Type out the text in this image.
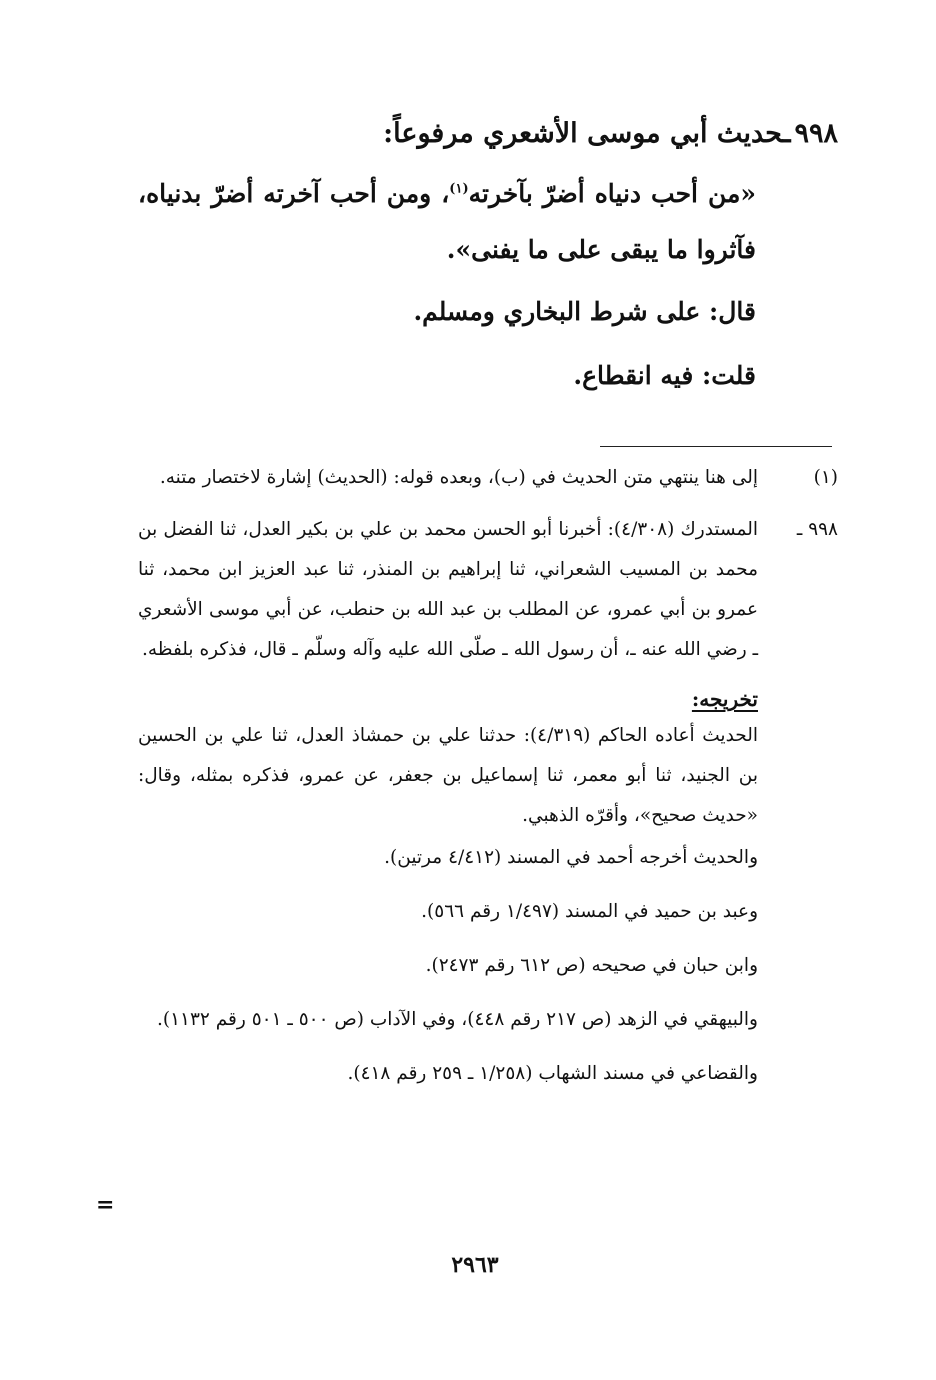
٩٩٨ـحديث أبي موسى الأشعري مرفوعاً:

«من أحب دنياه أضرّ بآخرته$^{(١)}$، ومن أحب آخرته أضرّ بدنياه، فآثروا ما يبقى على ما يفنى».

قال: على شرط البخاري ومسلم.

قلت: فيه انقطاع.

(١)
إلى هنا ينتهي متن الحديث في (ب)، وبعده قوله: (الحديث) إشارة لاختصار متنه.
٩٩٨ ـ
المستدرك (٤/٣٠٨): أخبرنا أبو الحسن محمد بن علي بن بكير العدل، ثنا الفضل بن محمد بن المسيب الشعراني، ثنا إبراهيم بن المنذر، ثنا عبد العزيز ابن محمد، ثنا عمرو بن أبي عمرو، عن المطلب بن عبد الله بن حنطب، عن أبي موسى الأشعري ـ رضي الله عنه ـ، أن رسول الله ـ صلّى الله عليه وآله وسلّم ـ قال، فذكره بلفظه.
تخريجه:

الحديث أعاده الحاكم (٤/٣١٩): حدثنا علي بن حمشاذ العدل، ثنا علي بن الحسين بن الجنيد، ثنا أبو معمر، ثنا إسماعيل بن جعفر، عن عمرو، فذكره بمثله، وقال: «حديث صحيح»، وأقرّه الذهبي.

والحديث أخرجه أحمد في المسند (٤/٤١٢ مرتين).

وعبد بن حميد في المسند (١/٤٩٧ رقم ٥٦٦).

وابن حبان في صحيحه (ص ٦١٢ رقم ٢٤٧٣).

والبيهقي في الزهد (ص ٢١٧ رقم ٤٤٨)، وفي الآداب (ص ٥٠٠ ـ ٥٠١ رقم ١١٣٢).

والقضاعي في مسند الشهاب (١/٢٥٨ ـ ٢٥٩ رقم ٤١٨).

=
٢٩٦٣
